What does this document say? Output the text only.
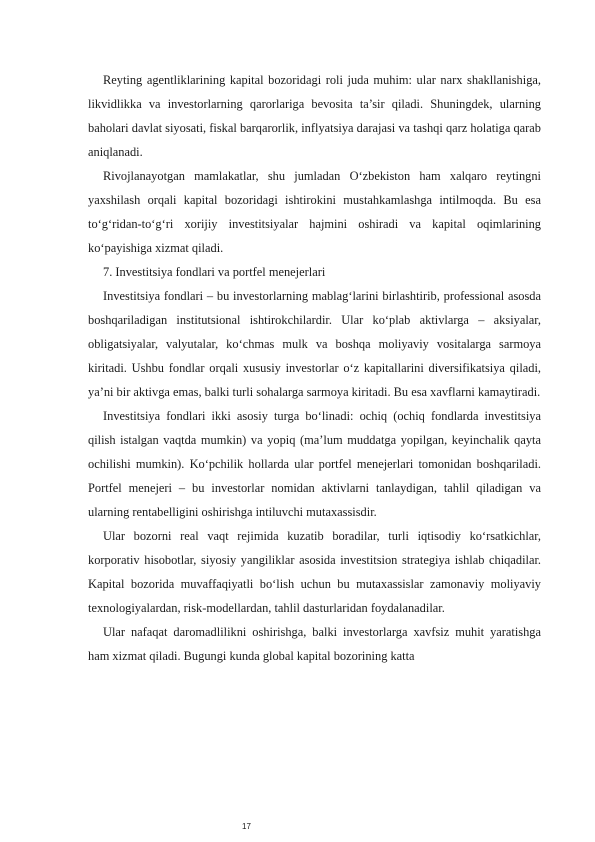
Reyting agentliklarining kapital bozoridagi roli juda muhim: ular narx shakllanishiga, likvidlikka va investorlarning qarorlariga bevosita ta’sir qiladi. Shuningdek, ularning baholari davlat siyosati, fiskal barqarorlik, inflyatsiya darajasi va tashqi qarz holatiga qarab aniqlanadi.

Rivojlanayotgan mamlakatlar, shu jumladan O‘zbekiston ham xalqaro reytingni yaxshilash orqali kapital bozoridagi ishtirokini mustahkamlashga intilmoqda. Bu esa to‘g‘ridan-to‘g‘ri xorijiy investitsiyalar hajmini oshiradi va kapital oqimlarining ko‘payishiga xizmat qiladi.

7. Investitsiya fondlari va portfel menejerlari

Investitsiya fondlari – bu investorlarning mablag‘larini birlashtirib, professional asosda boshqariladigan institutsional ishtirokchilardir. Ular ko‘plab aktivlarga – aksiyalar, obligatsiyalar, valyutalar, ko‘chmas mulk va boshqa moliyaviy vositalarga sarmoya kiritadi. Ushbu fondlar orqali xususiy investorlar o‘z kapitallarini diversifikatsiya qiladi, ya’ni bir aktivga emas, balki turli sohalarga sarmoya kiritadi. Bu esa xavflarni kamaytiradi.

Investitsiya fondlari ikki asosiy turga bo‘linadi: ochiq (ochiq fondlarda investitsiya qilish istalgan vaqtda mumkin) va yopiq (ma’lum muddatga yopilgan, keyinchalik qayta ochilishi mumkin). Ko‘pchilik hollarda ular portfel menejerlari tomonidan boshqariladi. Portfel menejeri – bu investorlar nomidan aktivlarni tanlaydigan, tahlil qiladigan va ularning rentabelligini oshirishga intiluvchi mutaxassisdir.

Ular bozorni real vaqt rejimida kuzatib boradilar, turli iqtisodiy ko‘rsatkichlar, korporativ hisobotlar, siyosiy yangiliklar asosida investitsion strategiya ishlab chiqadilar. Kapital bozorida muvaffaqiyatli bo‘lish uchun bu mutaxassislar zamonaviy moliyaviy texnologiyalardan, risk-modellardan, tahlil dasturlaridan foydalanadilar.

Ular nafaqat daromadlilikni oshirishga, balki investorlarga xavfsiz muhit yaratishga ham xizmat qiladi. Bugungi kunda global kapital bozorining katta

17
